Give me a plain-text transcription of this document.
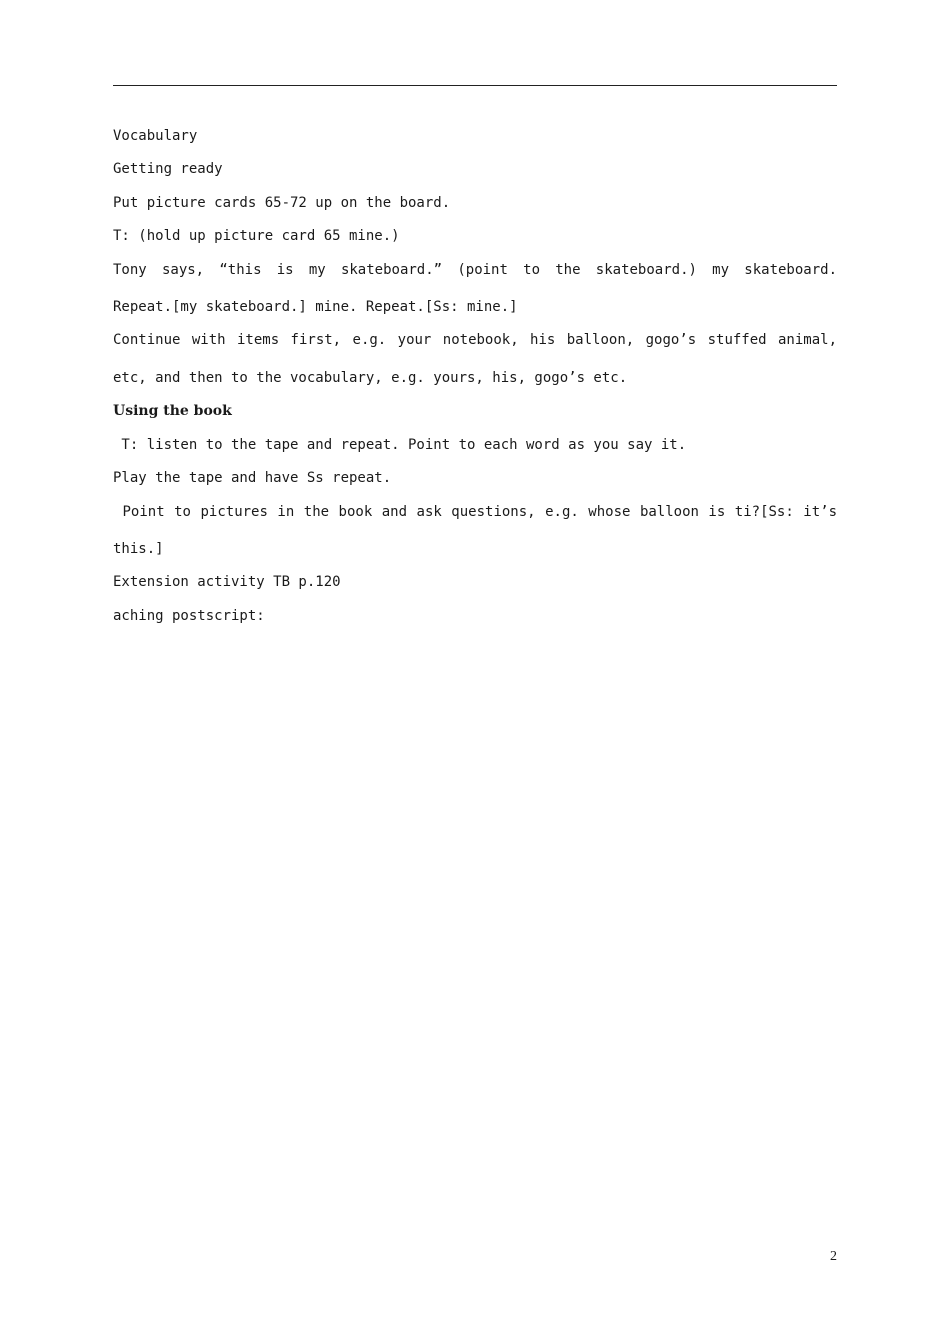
Vocabulary
Getting ready
Put picture cards 65-72 up on the board.
T: (hold up picture card 65 mine.)
Tony says, “this is my skateboard.” (point to the skateboard.) my skateboard.
Repeat.[my skateboard.] mine. Repeat.[Ss: mine.]
Continue with items first, e.g. your notebook, his balloon, gogo’s stuffed animal,
etc, and then to the vocabulary, e.g. yours, his, gogo’s etc.
Using the book
T: listen to the tape and repeat. Point to each word as you say it.
Play the tape and have Ss repeat.
Point to pictures in the book and ask questions, e.g. whose balloon is ti?[Ss: it’s
this.]
Extension activity TB p.120
aching postscript:
2
